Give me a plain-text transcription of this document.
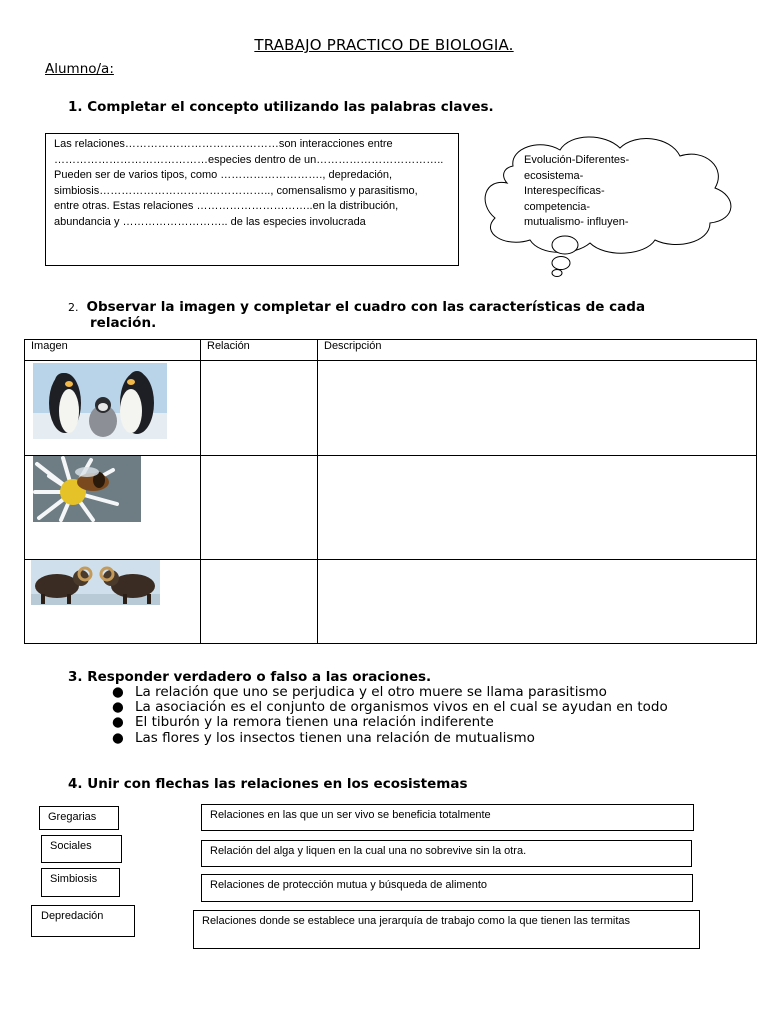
TRABAJO PRACTICO DE BIOLOGIA.
Alumno/a:
1. Completar el concepto utilizando las palabras claves.
Las relaciones……………………………………son interacciones entre
……………………………………especies dentro de un……………………………..
Pueden ser de varios tipos, como ………………………., depredación,
simbiosis……………………………………….., comensalismo y parasitismo,
entre otras. Estas relaciones …………………………..en la distribución,
abundancia y ……………………….. de las especies involucrada
Evolución-Diferentes-
ecosistema-
Interespecíficas-
competencia-
mutualismo- influyen-
2. Observar la imagen y completar el cuadro con las características de cada
relación.
Imagen	Relación	Descripción

3. Responder verdadero o falso a las oraciones.
● La relación que uno se perjudica y el otro muere se llama parasitismo
● La asociación es el conjunto de organismos vivos en el cual se ayudan en todo
● El tiburón y la remora tienen una relación indiferente
● Las flores y los insectos tienen una relación de mutualismo
4. Unir con flechas las relaciones en los ecosistemas
Gregarias
Sociales
Simbiosis
Depredación
Relaciones en las que un ser vivo se beneficia totalmente
Relación del alga y liquen en la cual una no sobrevive sin la otra.
Relaciones de protección mutua y búsqueda de alimento
Relaciones donde se establece una jerarquía de trabajo como la que tienen las termitas
